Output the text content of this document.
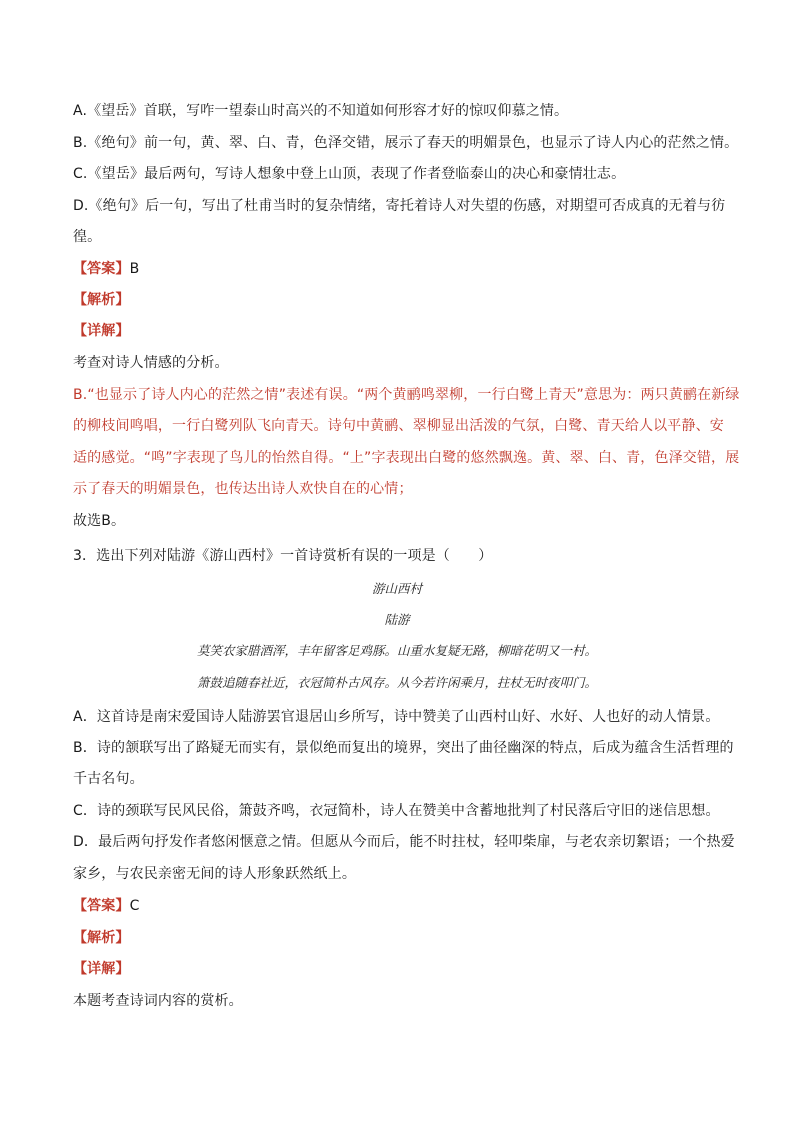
A.《望岳》首联，写咋一望泰山时高兴的不知道如何形容才好的惊叹仰慕之情。
B.《绝句》前一句，黄、翠、白、青，色泽交错，展示了春天的明媚景色，也显示了诗人内心的茫然之情。
C.《望岳》最后两句，写诗人想象中登上山顶，表现了作者登临泰山的决心和豪情壮志。
D.《绝句》后一句，写出了杜甫当时的复杂情绪，寄托着诗人对失望的伤感，对期望可否成真的无着与彷
徨。
【答案】B
【解析】
【详解】
考查对诗人情感的分析。
B.“也显示了诗人内心的茫然之情”表述有误。“两个黄鹂鸣翠柳，一行白鹭上青天”意思为：两只黄鹂在新绿
的柳枝间鸣唱，一行白鹭列队飞向青天。诗句中黄鹂、翠柳显出活泼的气氛，白鹭、青天给人以平静、安
适的感觉。“鸣”字表现了鸟儿的怡然自得。“上”字表现出白鹭的悠然飘逸。黄、翠、白、青，色泽交错，展
示了春天的明媚景色，也传达出诗人欢快自在的心情；
故选B。
3．选出下列对陆游《游山西村》一首诗赏析有误的一项是（　　）
游山西村
陆游
莫笑农家腊酒浑，丰年留客足鸡豚。山重水复疑无路，柳暗花明又一村。
箫鼓追随春社近，衣冠简朴古风存。从今若许闲乘月，拄杖无时夜叩门。
A．这首诗是南宋爱国诗人陆游罢官退居山乡所写，诗中赞美了山西村山好、水好、人也好的动人情景。
B．诗的颔联写出了路疑无而实有，景似绝而复出的境界，突出了曲径幽深的特点，后成为蕴含生活哲理的
千古名句。
C．诗的颈联写民风民俗，箫鼓齐鸣，衣冠简朴，诗人在赞美中含蓄地批判了村民落后守旧的迷信思想。
D．最后两句抒发作者悠闲惬意之情。但愿从今而后，能不时拄杖，轻叩柴扉，与老农亲切絮语；一个热爱
家乡，与农民亲密无间的诗人形象跃然纸上。
【答案】C
【解析】
【详解】
本题考查诗词内容的赏析。
